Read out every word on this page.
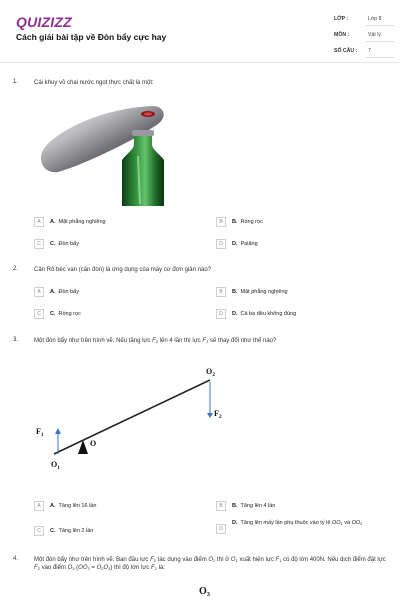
QUIZIZZ
Cách giải bài tập về Đòn bẩy cực hay
LỚP :	Lớp 8
MÔN :	Vật lý
SỐ CÂU : 7
1.	Cái khuy vỏ chai nước ngọt thực chất là một:
A	A. Mặt phẳng nghiêng	B	B. Ròng rọc
C	C. Đòn bẩy	D	D. Palăng
2.	Cân Rô béc van (cân đòn) là ứng dụng của máy cơ đơn giản nào?
A	A. Đòn bẩy	B	B. Mặt phẳng nghiêng
C	C. Ròng rọc	D	D. Cả ba đều không đúng
3.	Một đòn bẩy như trên hình vẽ. Nếu tăng lực $F_2$ lên 4 lần thì lực $F_1$ sẽ thay đổi như thế nào?
$O_2$
$F_2$
$F_1$
O
$O_1$
A	A. Tăng lên 16 lần	B	B. Tăng lên 4 lần
C	C. Tăng lên 2 lần	D
D. Tăng lên mấy lần phụ thuộc vào tỷ lệ $OO_1$ và $OO_2$
4.	Một đòn bẩy như trên hình vẽ. Ban đầu lực $F_2$ tác dụng vào điểm $O_2$ thì ở $O_1$ xuất hiện lực $F_1$ có độ lớn 400N. Nếu dịch điểm đặt lực $F_2$ vào điểm $O_3$ $(OO_3 = O_2O_3)$ thì độ lớn lực $F_1$ là:
$O_3$
